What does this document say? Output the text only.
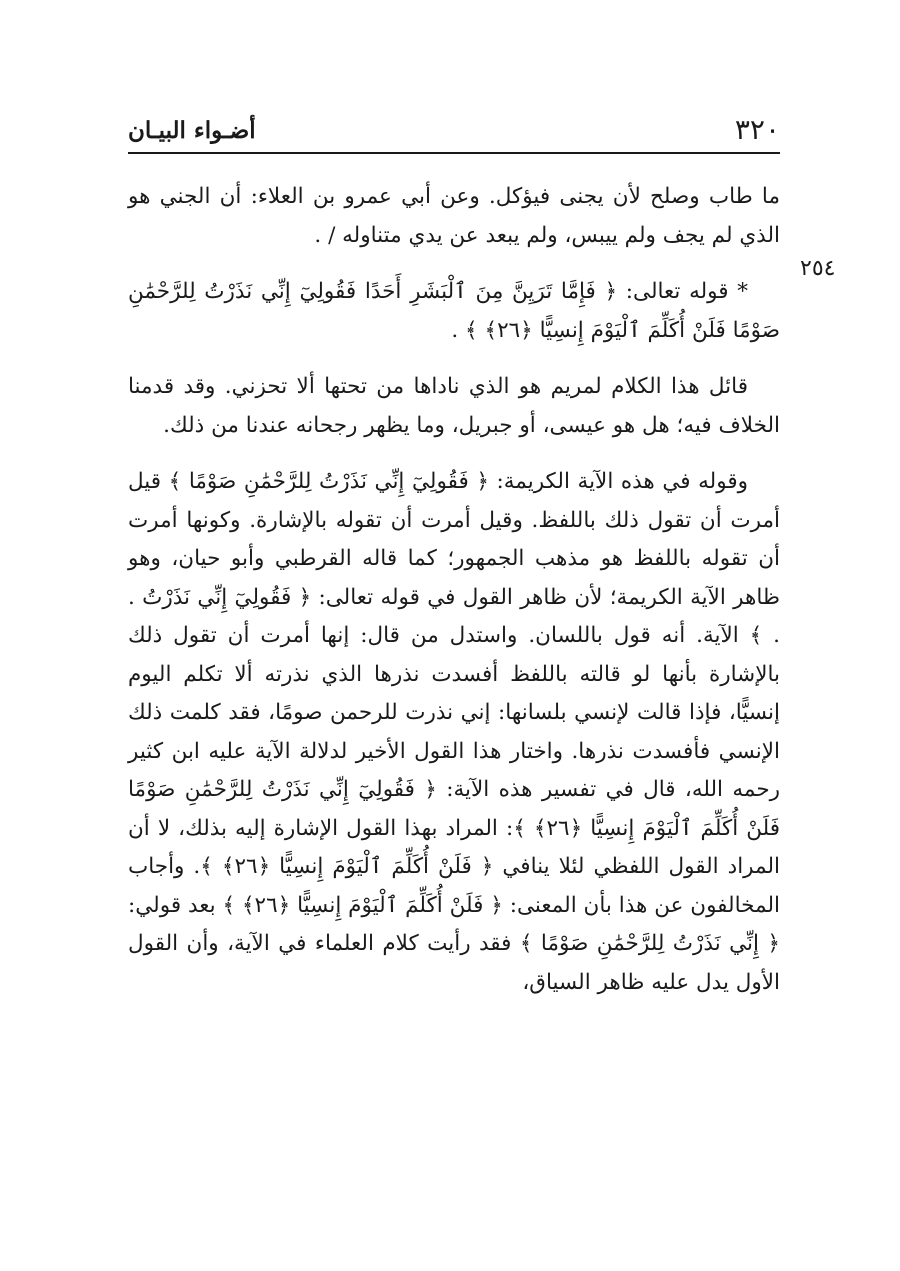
٣٢٠
أضـواء البيـان
٢٥٤

ما طاب وصلح لأن يجنى فيؤكل. وعن أبي عمرو بن العلاء: أن الجني هو الذي لم يجف ولم ييبس، ولم يبعد عن يدي متناوله / .

* قوله تعالى: ﴿ فَإِمَّا تَرَيِنَّ مِنَ ٱلْبَشَرِ أَحَدًا فَقُولِيٓ إِنِّي نَذَرْتُ لِلرَّحْمَٰنِ صَوْمًا فَلَنْ أُكَلِّمَ ٱلْيَوْمَ إِنسِيًّا ﴿٢٦﴾ ﴾ .

قائل هذا الكلام لمريم هو الذي ناداها من تحتها ألا تحزني. وقد قدمنا الخلاف فيه؛ هل هو عيسى، أو جبريل، وما يظهر رجحانه عندنا من ذلك.

وقوله في هذه الآية الكريمة: ﴿ فَقُولِيٓ إِنِّي نَذَرْتُ لِلرَّحْمَٰنِ صَوْمًا ﴾ قيل أمرت أن تقول ذلك باللفظ. وقيل أمرت أن تقوله بالإشارة. وكونها أمرت أن تقوله باللفظ هو مذهب الجمهور؛ كما قاله القرطبي وأبو حيان، وهو ظاهر الآية الكريمة؛ لأن ظاهر القول في قوله تعالى: ﴿ فَقُولِيٓ إِنِّي نَذَرْتُ . . ﴾ الآية. أنه قول باللسان. واستدل من قال: إنها أمرت أن تقول ذلك بالإشارة بأنها لو قالته باللفظ أفسدت نذرها الذي نذرته ألا تكلم اليوم إنسيًّا، فإذا قالت لإنسي بلسانها: إني نذرت للرحمن صومًا، فقد كلمت ذلك الإنسي فأفسدت نذرها. واختار هذا القول الأخير لدلالة الآية عليه ابن كثير رحمه الله، قال في تفسير هذه الآية: ﴿ فَقُولِيٓ إِنِّي نَذَرْتُ لِلرَّحْمَٰنِ صَوْمًا فَلَنْ أُكَلِّمَ ٱلْيَوْمَ إِنسِيًّا ﴿٢٦﴾ ﴾: المراد بهذا القول الإشارة إليه بذلك، لا أن المراد القول اللفظي لئلا ينافي ﴿ فَلَنْ أُكَلِّمَ ٱلْيَوْمَ إِنسِيًّا ﴿٢٦﴾ ﴾. وأجاب المخالفون عن هذا بأن المعنى: ﴿ فَلَنْ أُكَلِّمَ ٱلْيَوْمَ إِنسِيًّا ﴿٢٦﴾ ﴾ بعد قولي: ﴿ إِنِّي نَذَرْتُ لِلرَّحْمَٰنِ صَوْمًا ﴾ فقد رأيت كلام العلماء في الآية، وأن القول الأول يدل عليه ظاهر السياق،
